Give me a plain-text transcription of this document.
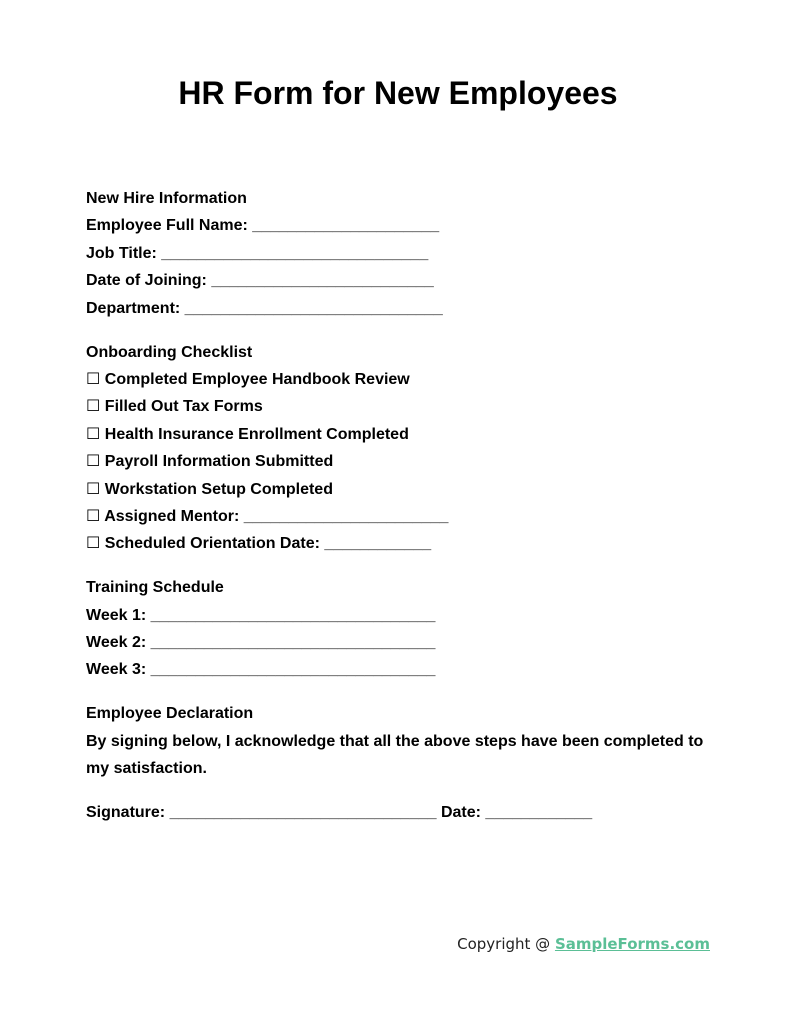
HR Form for New Employees
New Hire Information
Employee Full Name: _____________________
Job Title: ______________________________
Date of Joining: _________________________
Department: _____________________________
Onboarding Checklist
☐ Completed Employee Handbook Review
☐ Filled Out Tax Forms
☐ Health Insurance Enrollment Completed
☐ Payroll Information Submitted
☐ Workstation Setup Completed
☐ Assigned Mentor: _______________________
☐ Scheduled Orientation Date: ____________
Training Schedule
Week 1: ________________________________
Week 2: ________________________________
Week 3: ________________________________
Employee Declaration
By signing below, I acknowledge that all the above steps have been completed to my satisfaction.
Signature: ______________________________ Date: ____________
Copyright @ SampleForms.com
